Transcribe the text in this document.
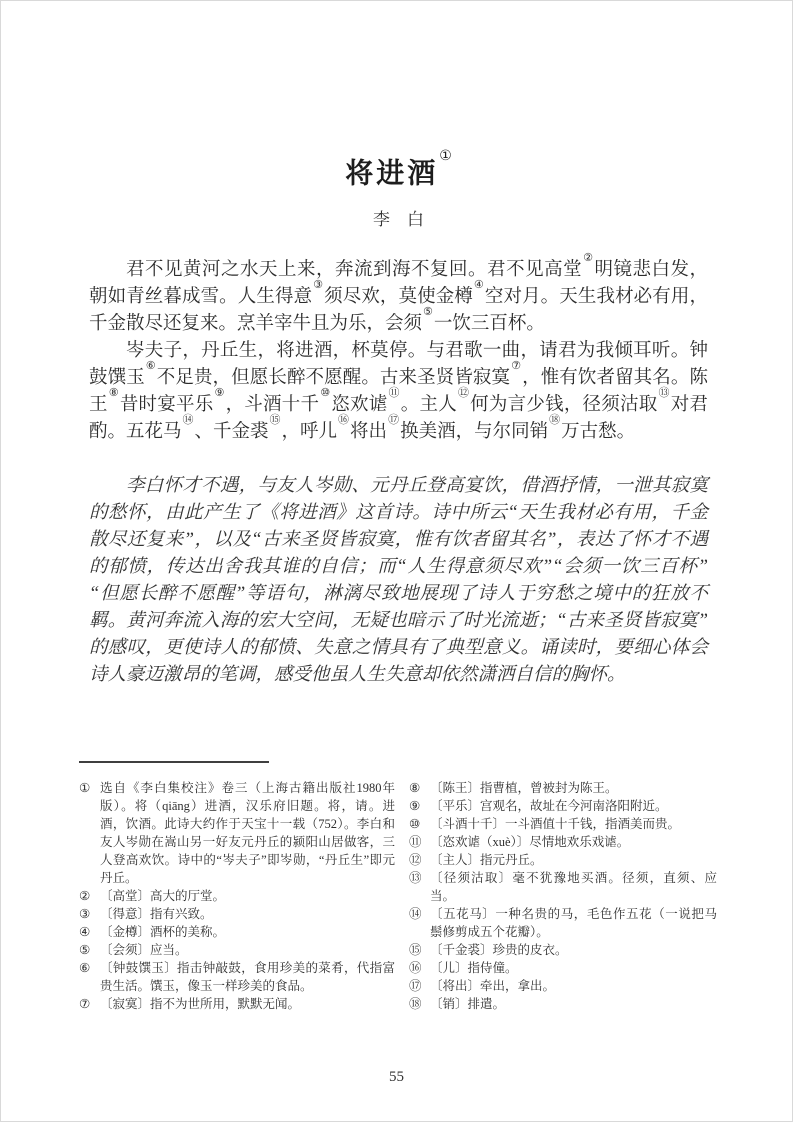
将进酒①
李　白

君不见黄河之水天上来，奔流到海不复回。君不见高堂②明镜悲白发，朝如青丝暮成雪。人生得意③须尽欢，莫使金樽④空对月。天生我材必有用，千金散尽还复来。烹羊宰牛且为乐，会须⑤一饮三百杯。

岑夫子，丹丘生，将进酒，杯莫停。与君歌一曲，请君为我倾耳听。钟鼓馔玉⑥不足贵，但愿长醉不愿醒。古来圣贤皆寂寞⑦，惟有饮者留其名。陈王⑧昔时宴平乐⑨，斗酒十千⑩恣欢谑⑪。主人⑫何为言少钱，径须沽取⑬对君酌。五花马⑭、千金裘⑮，呼儿⑯将出⑰换美酒，与尔同销⑱万古愁。

李白怀才不遇，与友人岑勋、元丹丘登高宴饮，借酒抒情，一泄其寂寞的愁怀，由此产生了《将进酒》这首诗。诗中所云“天生我材必有用，千金散尽还复来”，以及“古来圣贤皆寂寞，惟有饮者留其名”，表达了怀才不遇的郁愤，传达出舍我其谁的自信；而“人生得意须尽欢”“会须一饮三百杯”“但愿长醉不愿醒”等语句，淋漓尽致地展现了诗人于穷愁之境中的狂放不羁。黄河奔流入海的宏大空间，无疑也暗示了时光流逝；“古来圣贤皆寂寞”的感叹，更使诗人的郁愤、失意之情具有了典型意义。诵读时，要细心体会诗人豪迈激昂的笔调，感受他虽人生失意却依然潇洒自信的胸怀。

① 选自《李白集校注》卷三（上海古籍出版社1980年版）。将（qiāng）进酒，汉乐府旧题。将，请。进酒，饮酒。此诗大约作于天宝十一载（752）。李白和友人岑勋在嵩山另一好友元丹丘的颍阳山居做客，三人登高欢饮。诗中的“岑夫子”即岑勋，“丹丘生”即元丹丘。
② 〔高堂〕高大的厅堂。
③ 〔得意〕指有兴致。
④ 〔金樽〕酒杯的美称。
⑤ 〔会须〕应当。
⑥ 〔钟鼓馔玉〕指击钟敲鼓，食用珍美的菜肴，代指富贵生活。馔玉，像玉一样珍美的食品。
⑦ 〔寂寞〕指不为世所用，默默无闻。
⑧ 〔陈王〕指曹植，曾被封为陈王。
⑨ 〔平乐〕宫观名，故址在今河南洛阳附近。
⑩ 〔斗酒十千〕一斗酒值十千钱，指酒美而贵。
⑪ 〔恣欢谑（xuè）〕尽情地欢乐戏谑。
⑫ 〔主人〕指元丹丘。
⑬ 〔径须沽取〕毫不犹豫地买酒。径须，直须、应当。
⑭ 〔五花马〕一种名贵的马，毛色作五花（一说把马鬃修剪成五个花瓣）。
⑮ 〔千金裘〕珍贵的皮衣。
⑯ 〔儿〕指侍僮。
⑰ 〔将出〕牵出，拿出。
⑱ 〔销〕排遣。
55
